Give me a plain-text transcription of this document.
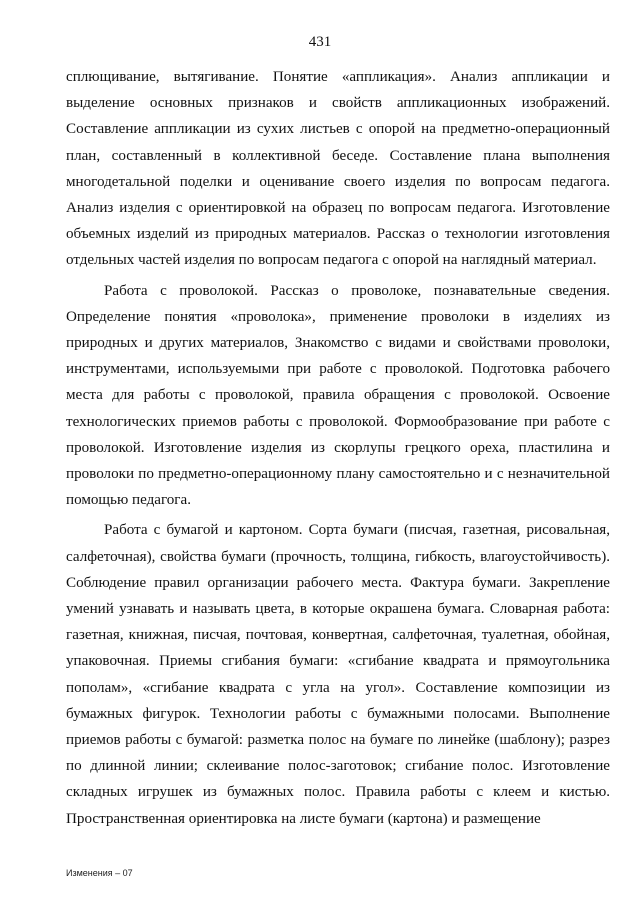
431

сплющивание, вытягивание. Понятие «аппликация». Анализ аппликации и выделение основных признаков и свойств аппликационных изображений. Составление аппликации из сухих листьев с опорой на предметно-операционный план, составленный в коллективной беседе. Составление плана выполнения многодетальной поделки и оценивание своего изделия по вопросам педагога. Анализ изделия с ориентировкой на образец по вопросам педагога. Изготовление объемных изделий из природных материалов. Рассказ о технологии изготовления отдельных частей изделия по вопросам педагога с опорой на наглядный материал.

Работа с проволокой. Рассказ о проволоке, познавательные сведения. Определение понятия «проволока», применение проволоки в изделиях из природных и других материалов, Знакомство с видами и свойствами проволоки, инструментами, используемыми при работе с проволокой. Подготовка рабочего места для работы с проволокой, правила обращения с проволокой. Освоение технологических приемов работы с проволокой. Формообразование при работе с проволокой. Изготовление изделия из скорлупы грецкого ореха, пластилина и проволоки по предметно-операционному плану самостоятельно и с незначительной помощью педагога.

Работа с бумагой и картоном. Сорта бумаги (писчая, газетная, рисовальная, салфеточная), свойства бумаги (прочность, толщина, гибкость, влагоустойчивость). Соблюдение правил организации рабочего места. Фактура бумаги. Закрепление умений узнавать и называть цвета, в которые окрашена бумага. Словарная работа: газетная, книжная, писчая, почтовая, конвертная, салфеточная, туалетная, обойная, упаковочная. Приемы сгибания бумаги: «сгибание квадрата и прямоугольника пополам», «сгибание квадрата с угла на угол». Составление композиции из бумажных фигурок. Технологии работы с бумажными полосами. Выполнение приемов работы с бумагой: разметка полос на бумаге по линейке (шаблону); разрез по длинной линии; склеивание полос-заготовок; сгибание полос. Изготовление складных игрушек из бумажных полос. Правила работы с клеем и кистью. Пространственная ориентировка на листе бумаги (картона) и размещение

Изменения – 07
